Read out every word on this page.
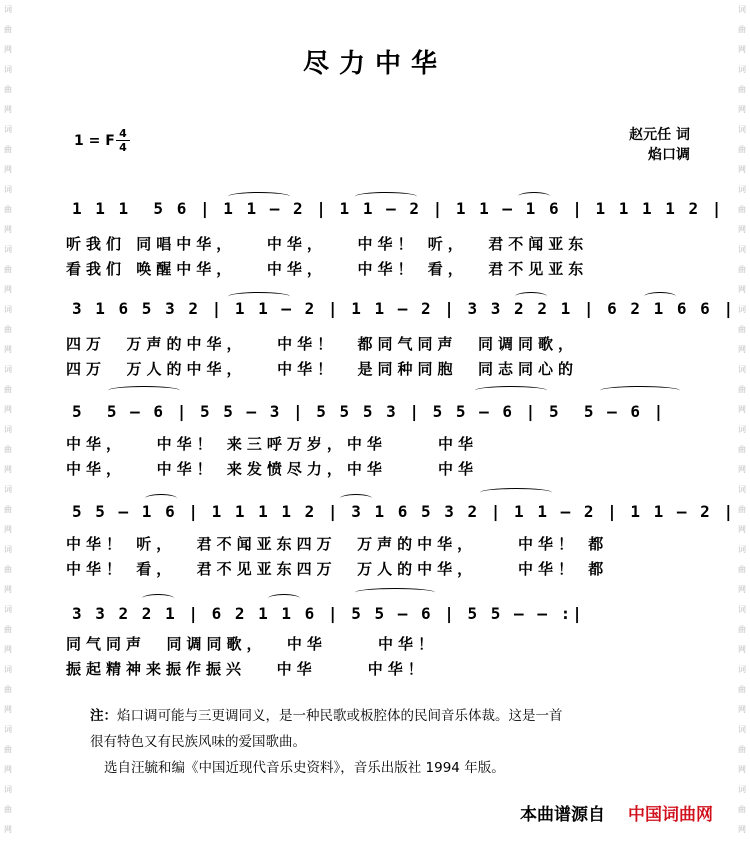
词
曲
网
词
曲
网
词
曲
网
词
曲
网
词
曲
网
词
曲
网
词
曲
网
词
曲
网
词
曲
网
词
曲
网
词
曲
网
词
曲
网
词
曲
网
词
曲
网
词
曲
网
词
曲
网
词
曲
网
词
曲
网
词
曲
网
词
曲
网
词
曲
网
词
曲
网
词
曲
网
词
曲
网
词
曲
网
词
曲
网
词
曲
网
词
曲
网
尽力中华
1 = F 4
4
赵元任 词
焰口调

1 1 1  5 6 | 1 1 — 2 | 1 1 — 2 | 1 1 — 1 6 | 1 1 1 1 2 |

听我们 同唱中华，   中华，   中华！ 听，  君不闻亚东
看我们 唤醒中华，   中华，   中华！ 看，  君不见亚东

3 1 6 5 3 2 | 1 1 — 2 | 1 1 — 2 | 3 3 2 2 1 | 6 2 1 6 6 |

四万  万声的中华，   中华！  都同气同声  同调同歌，
四万  万人的中华，   中华！  是同种同胞  同志同心的

5  5 — 6 | 5 5 — 3 | 5 5 5 3 | 5 5 — 6 | 5  5 — 6 |

中华，   中华！ 来三呼万岁，中华     中华
中华，   中华！ 来发愤尽力，中华     中华

5 5 — 1 6 | 1 1 1 1 2 | 3 1 6 5 3 2 | 1 1 — 2 | 1 1 — 2 |

中华！ 听，  君不闻亚东四万  万声的中华，    中华！ 都
中华！ 看，  君不见亚东四万  万人的中华，    中华！ 都

3 3 2 2 1 | 6 2 1 1 6 | 5 5 — 6 | 5 5 — — :|

同气同声  同调同歌，  中华     中华！
振起精神来振作振兴   中华     中华！
注：焰口调可能与三更调同义，是一种民歌或板腔体的民间音乐体裁。这是一首
很有特色又有民族风味的爱国歌曲。
选自汪毓和编《中国近现代音乐史资料》，音乐出版社 1994 年版。
本曲谱源自 中国词曲网
